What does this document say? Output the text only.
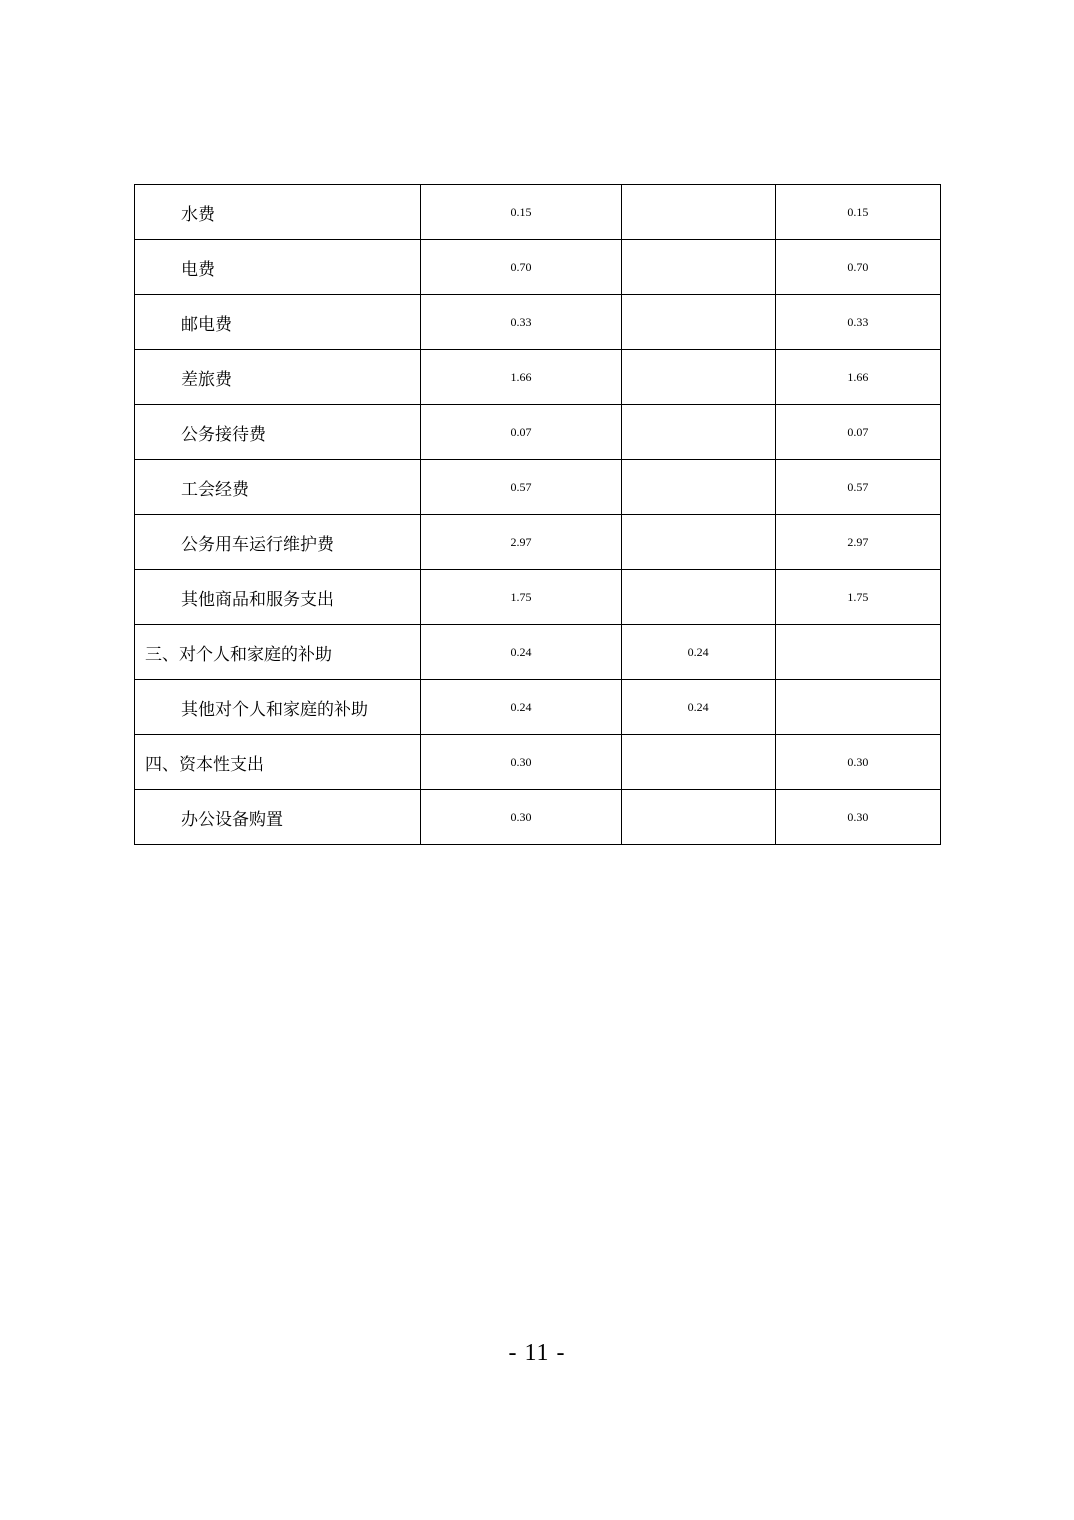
水费	0.15		0.15
电费	0.70		0.70
邮电费	0.33		0.33
差旅费	1.66		1.66
公务接待费	0.07		0.07
工会经费	0.57		0.57
公务用车运行维护费	2.97		2.97
其他商品和服务支出	1.75		1.75
三、对个人和家庭的补助	0.24	0.24	
其他对个人和家庭的补助	0.24	0.24	
四、资本性支出	0.30		0.30
办公设备购置	0.30		0.30
- 11 -
